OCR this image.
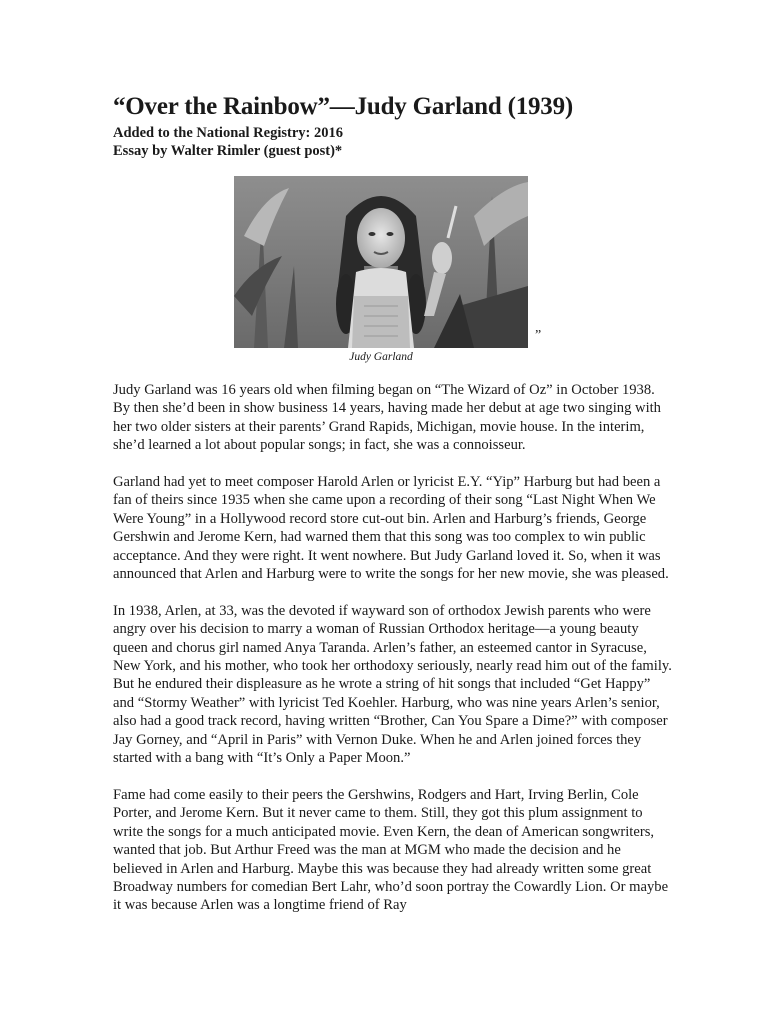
“Over the Rainbow”—Judy Garland (1939)
Added to the National Registry: 2016
Essay by Walter Rimler (guest post)*
”
Judy Garland

Judy Garland was 16 years old when filming began on “The Wizard of Oz” in October 1938. By then she’d been in show business 14 years, having made her debut at age two singing with her two older sisters at their parents’ Grand Rapids, Michigan, movie house. In the interim, she’d learned a lot about popular songs; in fact, she was a connoisseur.

Garland had yet to meet composer Harold Arlen or lyricist E.Y. “Yip” Harburg but had been a fan of theirs since 1935 when she came upon a recording of their song “Last Night When We Were Young” in a Hollywood record store cut-out bin. Arlen and Harburg’s friends, George Gershwin and Jerome Kern, had warned them that this song was too complex to win public acceptance. And they were right. It went nowhere. But Judy Garland loved it. So, when it was announced that Arlen and Harburg were to write the songs for her new movie, she was pleased.

In 1938, Arlen, at 33, was the devoted if wayward son of orthodox Jewish parents who were angry over his decision to marry a woman of Russian Orthodox heritage—a young beauty queen and chorus girl named Anya Taranda. Arlen’s father, an esteemed cantor in Syracuse, New York, and his mother, who took her orthodoxy seriously, nearly read him out of the family. But he endured their displeasure as he wrote a string of hit songs that included “Get Happy” and “Stormy Weather” with lyricist Ted Koehler. Harburg, who was nine years Arlen’s senior, also had a good track record, having written “Brother, Can You Spare a Dime?” with composer Jay Gorney, and “April in Paris” with Vernon Duke. When he and Arlen joined forces they started with a bang with “It’s Only a Paper Moon.”

Fame had come easily to their peers the Gershwins, Rodgers and Hart, Irving Berlin, Cole Porter, and Jerome Kern. But it never came to them. Still, they got this plum assignment to write the songs for a much anticipated movie. Even Kern, the dean of American songwriters, wanted that job. But Arthur Freed was the man at MGM who made the decision and he believed in Arlen and Harburg. Maybe this was because they had already written some great Broadway numbers for comedian Bert Lahr, who’d soon portray the Cowardly Lion. Or maybe it was because Arlen was a longtime friend of Ray
